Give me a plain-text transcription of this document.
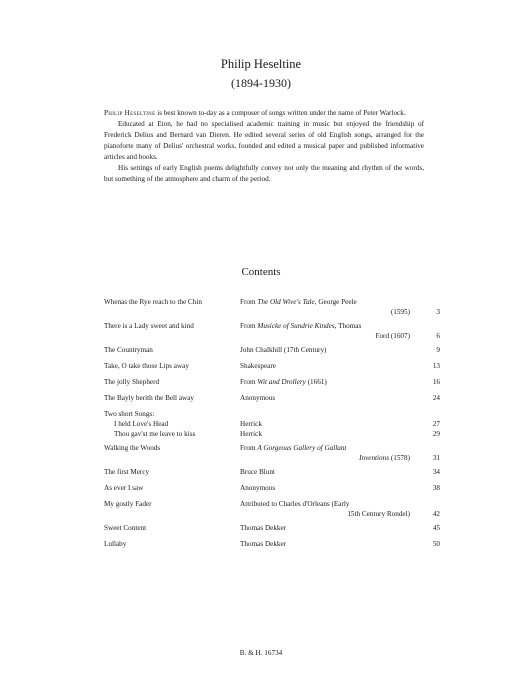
Philip Heseltine
(1894-1930)

Philip Heseltine is best known to-day as a composer of songs written under the name of Peter Warlock.

Educated at Eton, he had no specialised academic training in music but enjoyed the friendship of Frederick Delius and Bernard van Dieren. He edited several series of old English songs, arranged for the pianoforte many of Delius' orchestral works, founded and edited a musical paper and published informative articles and books.

His settings of early English poems delightfully convey not only the meaning and rhythm of the words, but something of the atmosphere and charm of the period.

Contents
Whenas the Rye reach to the Chin	From The Old Wive's Tale, George Peele
(1595)	3
There is a Lady sweet and kind	From Musicke of Sundrie Kindes, Thomas
Ford (1607)	6
The Countryman	John Chalkhill (17th Century)	9
Take, O take those Lips away	Shakespeare	13
The jolly Shepherd	From Wit and Drollery (1661)	16
The Bayly berith the Bell away	Anonymous	24
Two short Songs:
I held Love's Head	Herrick	27
Thou gav'st me leave to kiss	Herrick	29
Walking the Woods	From A Gorgeous Gallery of Gallant
Inventions (1578)	31
The first Mercy	Bruce Blunt	34
As ever I saw	Anonymous	38
My gostly Fader	Attributed to Charles d'Orleans (Early
15th Century Rondel)	42
Sweet Content	Thomas Dekker	45
Lullaby	Thomas Dekker	50
B. & H. 16734
